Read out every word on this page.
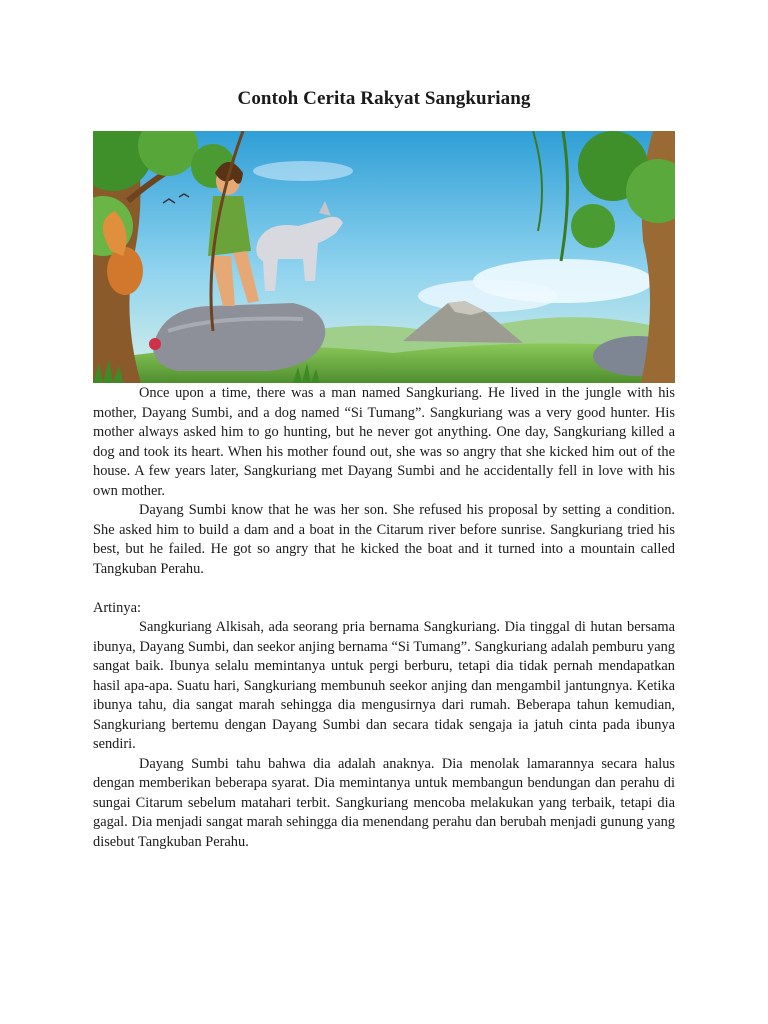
Contoh Cerita Rakyat Sangkuriang

Once upon a time, there was a man named Sangkuriang. He lived in the jungle with his mother, Dayang Sumbi, and a dog named “Si Tumang”. Sangkuriang was a very good hunter. His mother always asked him to go hunting, but he never got anything. One day, Sangkuriang killed a dog and took its heart. When his mother found out, she was so angry that she kicked him out of the house. A few years later, Sangkuriang met Dayang Sumbi and he accidentally fell in love with his own mother.

Dayang Sumbi know that he was her son. She refused his proposal by setting a condition. She asked him to build a dam and a boat in the Citarum river before sunrise. Sangkuriang tried his best, but he failed. He got so angry that he kicked the boat and it turned into a mountain called Tangkuban Perahu.

Artinya:

Sangkuriang Alkisah, ada seorang pria bernama Sangkuriang. Dia tinggal di hutan bersama ibunya, Dayang Sumbi, dan seekor anjing bernama “Si Tumang”. Sangkuriang adalah pemburu yang sangat baik. Ibunya selalu memintanya untuk pergi berburu, tetapi dia tidak pernah mendapatkan hasil apa-apa. Suatu hari, Sangkuriang membunuh seekor anjing dan mengambil jantungnya. Ketika ibunya tahu, dia sangat marah sehingga dia mengusirnya dari rumah. Beberapa tahun kemudian, Sangkuriang bertemu dengan Dayang Sumbi dan secara tidak sengaja ia jatuh cinta pada ibunya sendiri.

Dayang Sumbi tahu bahwa dia adalah anaknya. Dia menolak lamarannya secara halus dengan memberikan beberapa syarat. Dia memintanya untuk membangun bendungan dan perahu di sungai Citarum sebelum matahari terbit. Sangkuriang mencoba melakukan yang terbaik, tetapi dia gagal. Dia menjadi sangat marah sehingga dia menendang perahu dan berubah menjadi gunung yang disebut Tangkuban Perahu.
